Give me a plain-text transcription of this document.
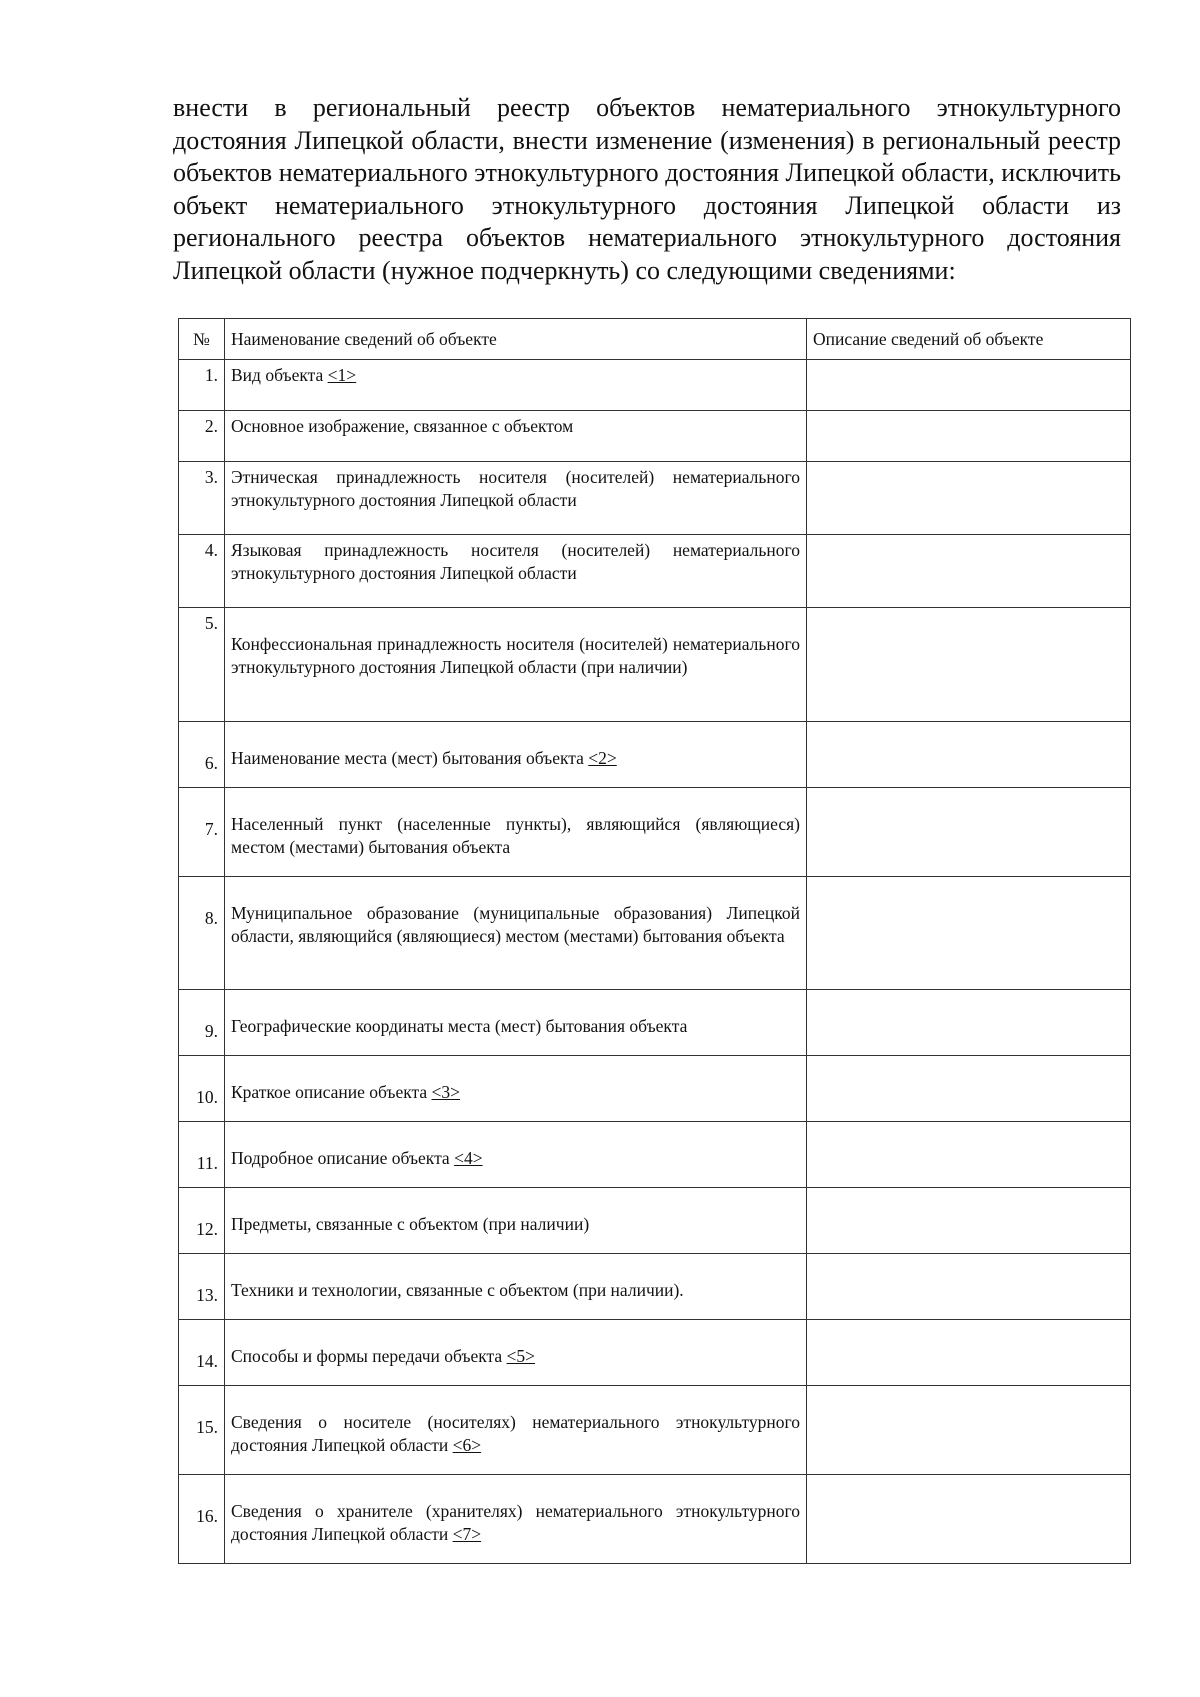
внести в региональный реестр объектов нематериального этнокультурного достояния Липецкой области, внести изменение (изменения) в региональный реестр объектов нематериального этнокультурного достояния Липецкой области, исключить объект нематериального этнокультурного достояния Липецкой области из регионального реестра объектов нематериального этнокультурного достояния Липецкой области (нужное подчеркнуть) со следующими сведениями:

№	Наименование сведений об объекте	Описание сведений об объекте
1.	Вид объекта <1>	
2.	Основное изображение, связанное с объектом	
3.	Этническая принадлежность носителя (носителей) нематериального этнокультурного достояния Липецкой области	
4.	Языковая принадлежность носителя (носителей) нематериального этнокультурного достояния Липецкой области	
5.	Конфессиональная принадлежность носителя (носителей) нематериального этнокультурного достояния Липецкой области (при наличии)	
6.	Наименование места (мест) бытования объекта <2>	
7.	Населенный пункт (населенные пункты), являющийся (являющиеся) местом (местами) бытования объекта	
8.	Муниципальное образование (муниципальные образования) Липецкой области, являющийся (являющиеся) местом (местами) бытования объекта	
9.	Географические координаты места (мест) бытования объекта	
10.	Краткое описание объекта <3>	
11.	Подробное описание объекта <4>	
12.	Предметы, связанные с объектом (при наличии)	
13.	Техники и технологии, связанные с объектом (при наличии).	
14.	Способы и формы передачи объекта <5>	
15.	Сведения о носителе (носителях) нематериального этнокультурного достояния Липецкой области <6>	
16.	Сведения о хранителе (хранителях) нематериального этнокультурного достояния Липецкой области <7>	
